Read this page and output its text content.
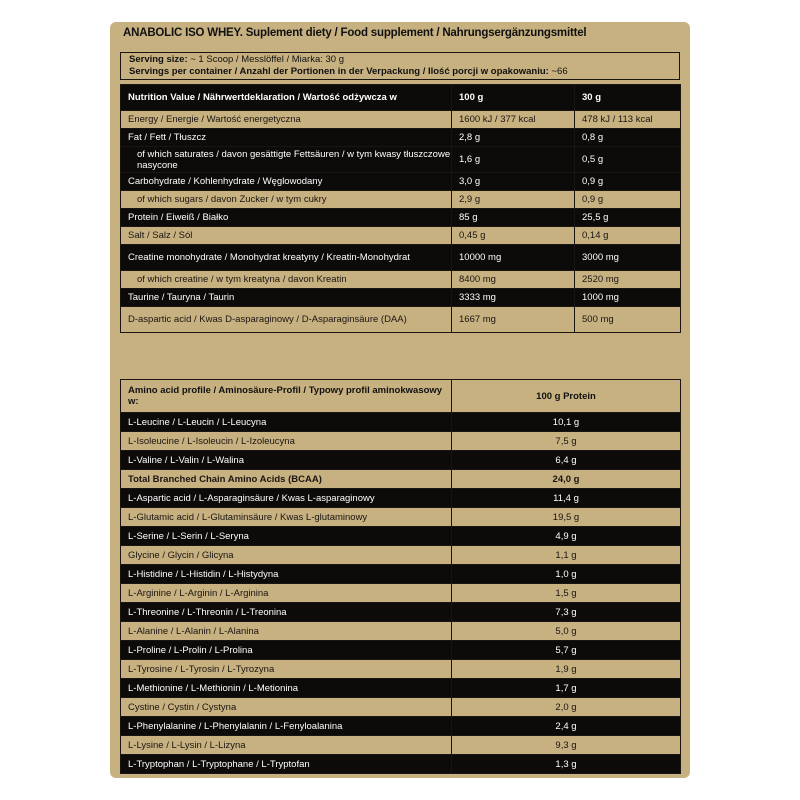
ANABOLIC ISO WHEY. Suplement diety / Food supplement / Nahrungsergänzungsmittel
Serving size: ~ 1 Scoop / Messlöffel / Miarka: 30 g
Servings per container / Anzahl der Portionen in der Verpackung / Ilość porcji w opakowaniu: ~66
Nutrition Value / Nährwertdeklaration / Wartość odżywcza w	100 g	30 g
Energy / Energie / Wartość energetyczna	1600 kJ / 377 kcal	478 kJ / 113 kcal
Fat / Fett / Tłuszcz	2,8 g	0,8 g
of which saturates / davon gesättigte Fettsäuren / w tym kwasy tłuszczowe nasycone	1,6 g	0,5 g
Carbohydrate / Kohlenhydrate / Węglowodany	3,0 g	0,9 g
of which sugars / davon Zucker / w tym cukry	2,9 g	0,9 g
Protein / Eiweiß / Białko	85 g	25,5 g
Salt / Salz / Sól	0,45 g	0,14 g
Creatine monohydrate / Monohydrat kreatyny / Kreatin-Monohydrat	10000 mg	3000 mg
of which creatine / w tym kreatyna / davon Kreatin	8400 mg	2520 mg
Taurine / Tauryna / Taurin	3333 mg	1000 mg
D-aspartic acid / Kwas D-asparaginowy / D-Asparaginsäure (DAA)	1667 mg	500 mg
Amino acid profile / Aminosäure-Profil / Typowy profil aminokwasowy w:	100 g Protein
L-Leucine / L-Leucin / L-Leucyna	10,1 g
L-Isoleucine / L-Isoleucin / L-Izoleucyna	7,5 g
L-Valine / L-Valin / L-Walina	6,4 g
Total Branched Chain Amino Acids (BCAA)	24,0 g
L-Aspartic acid / L-Asparaginsäure / Kwas L-asparaginowy	11,4 g
L-Glutamic acid / L-Glutaminsäure / Kwas L-glutaminowy	19,5 g
L-Serine / L-Serin / L-Seryna	4,9 g
Glycine / Glycin / Glicyna	1,1 g
L-Histidine / L-Histidin / L-Histydyna	1,0 g
L-Arginine / L-Arginin / L-Arginina	1,5 g
L-Threonine / L-Threonin / L-Treonina	7,3 g
L-Alanine / L-Alanin / L-Alanina	5,0 g
L-Proline / L-Prolin / L-Prolina	5,7 g
L-Tyrosine / L-Tyrosin / L-Tyrozyna	1,9 g
L-Methionine / L-Methionin / L-Metionina	1,7 g
Cystine / Cystin / Cystyna	2,0 g
L-Phenylalanine / L-Phenylalanin / L-Fenyloalanina	2,4 g
L-Lysine / L-Lysin / L-Lizyna	9,3 g
L-Tryptophan / L-Tryptophane / L-Tryptofan	1,3 g
